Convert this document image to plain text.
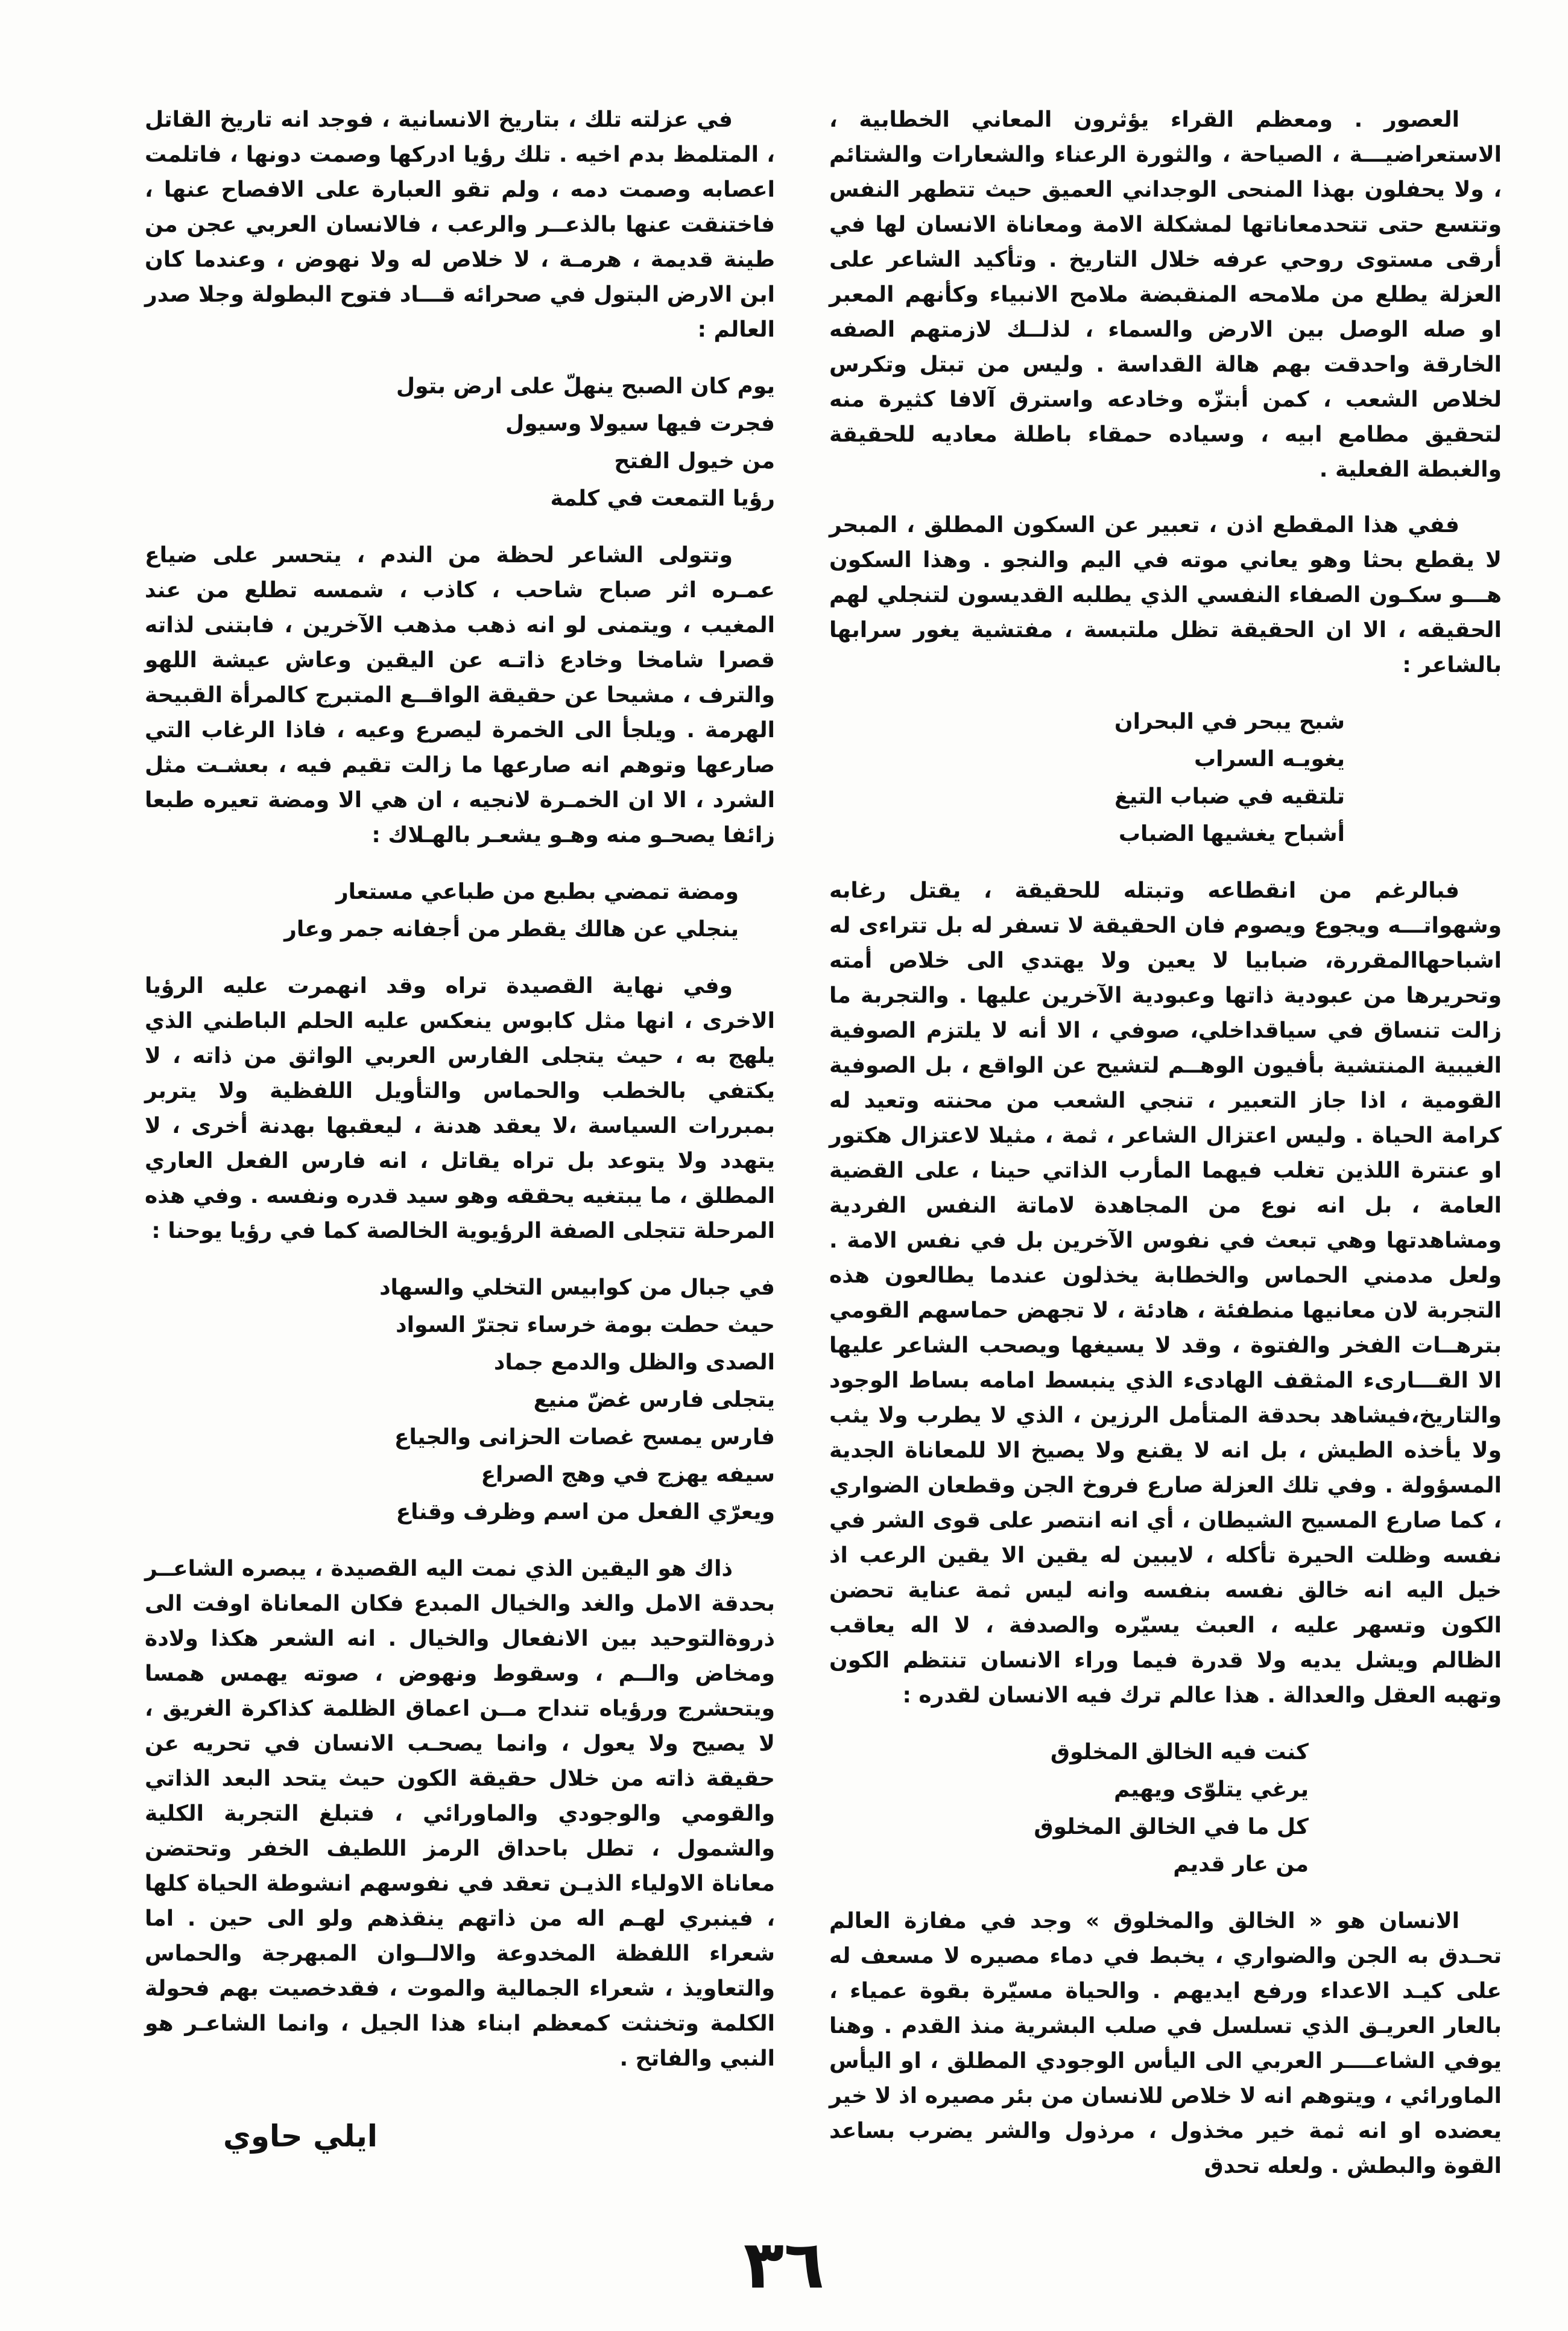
العصور . ومعظم القراء يؤثرون المعاني الخطابية ، الاستعراضيـــة ، الصياحة ، والثورة الرعناء والشعارات والشتائم ، ولا يحفلون بهذا المنحى الوجداني العميق حيث تتطهر النفس وتتسع حتى تتحدمعاناتها لمشكلة الامة ومعاناة الانسان لها في أرقى مستوى روحي عرفه خلال التاريخ . وتأكيد الشاعر على العزلة يطلع من ملامحه المنقبضة ملامح الانبياء وكأنهم المعبر او صله الوصل بين الارض والسماء ، لذلــك لازمتهم الصفه الخارقة واحدقت بهم هالة القداسة . وليس من تبتل وتكرس لخلاص الشعب ، كمن أبتزّه وخادعه واسترق آلافا كثيرة منه لتحقيق مطامع ابيه ، وسياده حمقاء باطلة معاديه للحقيقة والغبطة الفعلية .

ففي هذا المقطع اذن ، تعبير عن السكون المطلق ، المبحر لا يقطع بحثا وهو يعاني موته في اليم والنجو . وهذا السكون هـــو سكـون الصفاء النفسي الذي يطلبه القديسون لتنجلي لهم الحقيقه ، الا ان الحقيقة تظل ملتبسة ، مفتشية يغور سرابها بالشاعر :

شبح يبحر في البحران
يغويـه السراب
تلتقيه في ضباب التيغ
أشباح يغشيها الضباب

فبالرغم من انقطاعه وتبتله للحقيقة ، يقتل رغابه وشهواتـــه ويجوع ويصوم فان الحقيقة لا تسفر له بل تتراءى له اشباحهاالمقررة، ضبابيا لا يعين ولا يهتدي الى خلاص أمته وتحريرها من عبودية ذاتها وعبودية الآخرين عليها . والتجربة ما زالت تنساق في سياقداخلي، صوفي ، الا أنه لا يلتزم الصوفية الغيبية المنتشية بأفيون الوهــم لتشيح عن الواقع ، بل الصوفية القومية ، اذا جاز التعبير ، تنجي الشعب من محنته وتعيد له كرامة الحياة . وليس اعتزال الشاعر ، ثمة ، مثيلا لاعتزال هكتور او عنترة اللذين تغلب فيهما المأرب الذاتي حينا ، على القضية العامة ، بل انه نوع من المجاهدة لاماتة النفس الفردية ومشاهدتها وهي تبعث في نفوس الآخرين بل في نفس الامة . ولعل مدمني الحماس والخطابة يخذلون عندما يطالعون هذه التجربة لان معانيها منطفئة ، هادئة ، لا تجهض حماسهم القومي بترهــات الفخر والفتوة ، وقد لا يسيغها ويصحب الشاعر عليها الا القـــارىء المثقف الهادىء الذي ينبسط امامه بساط الوجود والتاريخ،فيشاهد بحدقة المتأمل الرزين ، الذي لا يطرب ولا يثب ولا يأخذه الطيش ، بل انه لا يقنع ولا يصيخ الا للمعاناة الجدية المسؤولة . وفي تلك العزلة صارع فروخ الجن وقطعان الضواري ، كما صارع المسيح الشيطان ، أي انه انتصر على قوى الشر في نفسه وظلت الحيرة تأكله ، لايبين له يقين الا يقين الرعب اذ خيل اليه انه خالق نفسه بنفسه وانه ليس ثمة عناية تحضن الكون وتسهر عليه ، العبث يسيّره والصدفة ، لا اله يعاقب الظالم ويشل يديه ولا قدرة فيما وراء الانسان تنتظم الكون وتهبه العقل والعدالة . هذا عالم ترك فيه الانسان لقدره :

كنت فيه الخالق المخلوق
يرغي يتلوّى ويهيم
كل ما في الخالق المخلوق
من عار قديم

الانسان هو « الخالق والمخلوق » وجد في مفازة العالم تحـدق به الجن والضواري ، يخبط في دماء مصيره لا مسعف له على كيـد الاعداء ورفع ايديهم . والحياة مسيّرة بقوة عمياء ، بالعار العريـق الذي تسلسل في صلب البشرية منذ القدم . وهنا يوفي الشاعــــر العربي الى اليأس الوجودي المطلق ، او اليأس الماورائي ، ويتوهم انه لا خلاص للانسان من بئر مصيره اذ لا خير يعضده او انه ثمة خير مخذول ، مرذول والشر يضرب بساعد القوة والبطش . ولعله تحدق

في عزلته تلك ، بتاريخ الانسانية ، فوجد انه تاريخ القاتل ، المتلمظ بدم اخيه . تلك رؤيا ادركها وصمت دونها ، فاتلمت اعصابه وصمت دمه ، ولم تقو العبارة على الافصاح عنها ، فاختنقت عنها بالذعــر والرعب ، فالانسان العربي عجن من طينة قديمة ، هرمـة ، لا خلاص له ولا نهوض ، وعندما كان ابن الارض البتول في صحرائه قـــاد فتوح البطولة وجلا صدر العالم :

يوم كان الصبح ينهلّ على ارض بتول
فجرت فيها سيولا وسيول
من خيول الفتح
رؤيا التمعت في كلمة

وتتولى الشاعر لحظة من الندم ، يتحسر على ضياع عمـره اثر صباح شاحب ، كاذب ، شمسه تطلع من عند المغيب ، ويتمنى لو انه ذهب مذهب الآخرين ، فابتنى لذاته قصرا شامخا وخادع ذاتـه عن اليقين وعاش عيشة اللهو والترف ، مشيحا عن حقيقة الواقــع المتبرج كالمرأة القبيحة الهرمة . ويلجأ الى الخمرة ليصرع وعيه ، فاذا الرغاب التي صارعها وتوهم انه صارعها ما زالت تقيم فيه ، بعشـت مثل الشرد ، الا ان الخمـرة لانجيه ، ان هي الا ومضة تعيره طبعا زائفا يصحـو منه وهـو يشعـر بالهـلاك :

ومضة تمضي بطبع من طباعي مستعار
ينجلي عن هالك يقطر من أجفانه جمر وعار

وفي نهاية القصيدة تراه وقد انهمرت عليه الرؤيا الاخرى ، انها مثل كابوس ينعكس عليه الحلم الباطني الذي يلهج به ، حيث يتجلى الفارس العربي الواثق من ذاته ، لا يكتفي بالخطب والحماس والتأويل اللفظية ولا يتربر بمبررات السياسة ،لا يعقد هدنة ، ليعقبها بهدنة أخرى ، لا يتهدد ولا يتوعد بل تراه يقاتل ، انه فارس الفعل العاري المطلق ، ما يبتغيه يحققه وهو سيد قدره ونفسه . وفي هذه المرحلة تتجلى الصفة الرؤيوية الخالصة كما في رؤيا يوحنا :

في جبال من كوابيس التخلي والسهاد
حيث حطت بومة خرساء تجترّ السواد
الصدى والظل والدمع جماد
يتجلى فارس غضّ منيع
فارس يمسح غصات الحزانى والجياع
سيفه يهزج في وهج الصراع
ويعرّي الفعل من اسم وظرف وقناع

ذاك هو اليقين الذي نمت اليه القصيدة ، يبصره الشاعــر بحدقة الامل والغد والخيال المبدع فكان المعاناة اوفت الى ذروةالتوحيد بين الانفعال والخيال . انه الشعر هكذا ولادة ومخاض والــم ، وسقوط ونهوض ، صوته يهمس همسا ويتحشرج ورؤياه تنداح مــن اعماق الظلمة كذاكرة الغريق ، لا يصيح ولا يعول ، وانما يصحـب الانسان في تحريه عن حقيقة ذاته من خلال حقيقة الكون حيث يتحد البعد الذاتي والقومي والوجودي والماورائي ، فتبلغ التجربة الكلية والشمول ، تطل باحداق الرمز اللطيف الخفر وتحتضن معاناة الاولياء الذيـن تعقد في نفوسهم انشوطة الحياة كلها ، فينبري لهـم اله من ذاتهم ينقذهم ولو الى حين . اما شعراء اللفظة المخدوعة والالــوان المبهرجة والحماس والتعاويذ ، شعراء الجمالية والموت ، فقدخصيت بهم فحولة الكلمة وتخنثت كمعظم ابناء هذا الجيل ، وانما الشاعـر هو النبي والفاتح .

ايلي حاوي
٣٦
